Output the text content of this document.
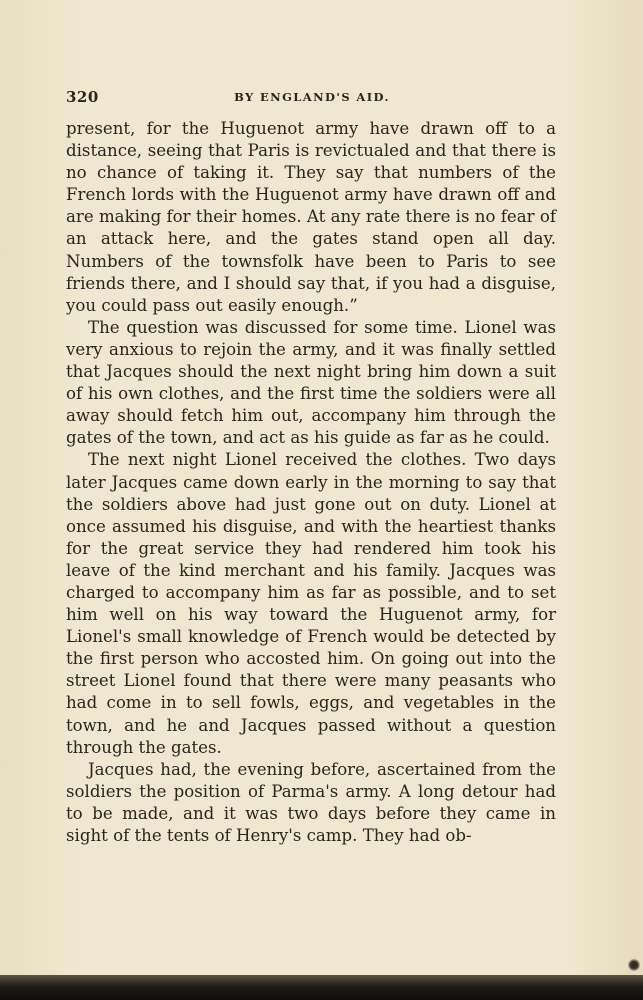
320	BY ENGLAND'S AID.

present, for the Huguenot army have drawn off to a distance, seeing that Paris is revictualed and that there is no chance of taking it. They say that numbers of the French lords with the Huguenot army have drawn off and are making for their homes. At any rate there is no fear of an attack here, and the gates stand open all day. Numbers of the townsfolk have been to Paris to see friends there, and I should say that, if you had a disguise, you could pass out easily enough.”

The question was discussed for some time. Lionel was very anxious to rejoin the army, and it was finally settled that Jacques should the next night bring him down a suit of his own clothes, and the first time the soldiers were all away should fetch him out, accompany him through the gates of the town, and act as his guide as far as he could.

The next night Lionel received the clothes. Two days later Jacques came down early in the morning to say that the soldiers above had just gone out on duty. Lionel at once assumed his disguise, and with the heartiest thanks for the great service they had rendered him took his leave of the kind merchant and his family. Jacques was charged to accompany him as far as possible, and to set him well on his way toward the Huguenot army, for Lionel's small knowledge of French would be detected by the first person who accosted him. On going out into the street Lionel found that there were many peasants who had come in to sell fowls, eggs, and vegetables in the town, and he and Jacques passed without a question through the gates.

Jacques had, the evening before, ascertained from the soldiers the position of Parma's army. A long detour had to be made, and it was two days before they came in sight of the tents of Henry's camp. They had ob-
